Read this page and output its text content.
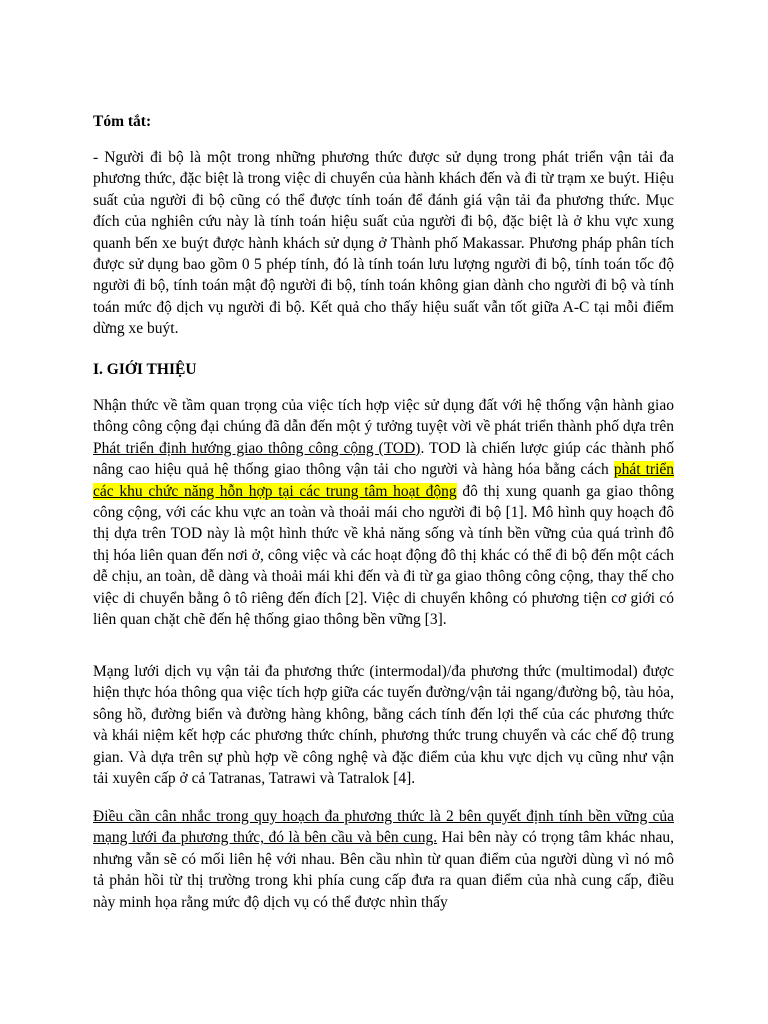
Tóm tắt:

- Người đi bộ là một trong những phương thức được sử dụng trong phát triển vận tải đa phương thức, đặc biệt là trong việc di chuyển của hành khách đến và đi từ trạm xe buýt. Hiệu suất của người đi bộ cũng có thể được tính toán để đánh giá vận tải đa phương thức. Mục đích của nghiên cứu này là tính toán hiệu suất của người đi bộ, đặc biệt là ở khu vực xung quanh bến xe buýt được hành khách sử dụng ở Thành phố Makassar. Phương pháp phân tích được sử dụng bao gồm 0 5 phép tính, đó là tính toán lưu lượng người đi bộ, tính toán tốc độ người đi bộ, tính toán mật độ người đi bộ, tính toán không gian dành cho người đi bộ và tính toán mức độ dịch vụ người đi bộ. Kết quả cho thấy hiệu suất vẫn tốt giữa A-C tại mỗi điểm dừng xe buýt.

I. GIỚI THIỆU

Nhận thức về tầm quan trọng của việc tích hợp việc sử dụng đất với hệ thống vận hành giao thông công cộng đại chúng đã dẫn đến một ý tưởng tuyệt vời về phát triển thành phố dựa trên Phát triển định hướng giao thông công cộng (TOD). TOD là chiến lược giúp các thành phố nâng cao hiệu quả hệ thống giao thông vận tải cho người và hàng hóa bằng cách phát triển các khu chức năng hỗn hợp tại các trung tâm hoạt động đô thị xung quanh ga giao thông công cộng, với các khu vực an toàn và thoải mái cho người đi bộ [1]. Mô hình quy hoạch đô thị dựa trên TOD này là một hình thức về khả năng sống và tính bền vững của quá trình đô thị hóa liên quan đến nơi ở, công việc và các hoạt động đô thị khác có thể đi bộ đến một cách dễ chịu, an toàn, dễ dàng và thoải mái khi đến và đi từ ga giao thông công cộng, thay thế cho việc di chuyển bằng ô tô riêng đến đích [2]. Việc di chuyển không có phương tiện cơ giới có liên quan chặt chẽ đến hệ thống giao thông bền vững [3].

Mạng lưới dịch vụ vận tải đa phương thức (intermodal)/đa phương thức (multimodal) được hiện thực hóa thông qua việc tích hợp giữa các tuyến đường/vận tải ngang/đường bộ, tàu hỏa, sông hồ, đường biển và đường hàng không, bằng cách tính đến lợi thế của các phương thức và khái niệm kết hợp các phương thức chính, phương thức trung chuyển và các chế độ trung gian. Và dựa trên sự phù hợp về công nghệ và đặc điểm của khu vực dịch vụ cũng như vận tải xuyên cấp ở cả Tatranas, Tatrawi và Tatralok [4].

Điều cần cân nhắc trong quy hoạch đa phương thức là 2 bên quyết định tính bền vững của mạng lưới đa phương thức, đó là bên cầu và bên cung. Hai bên này có trọng tâm khác nhau, nhưng vẫn sẽ có mối liên hệ với nhau. Bên cầu nhìn từ quan điểm của người dùng vì nó mô tả phản hồi từ thị trường trong khi phía cung cấp đưa ra quan điểm của nhà cung cấp, điều này minh họa rằng mức độ dịch vụ có thể được nhìn thấy
